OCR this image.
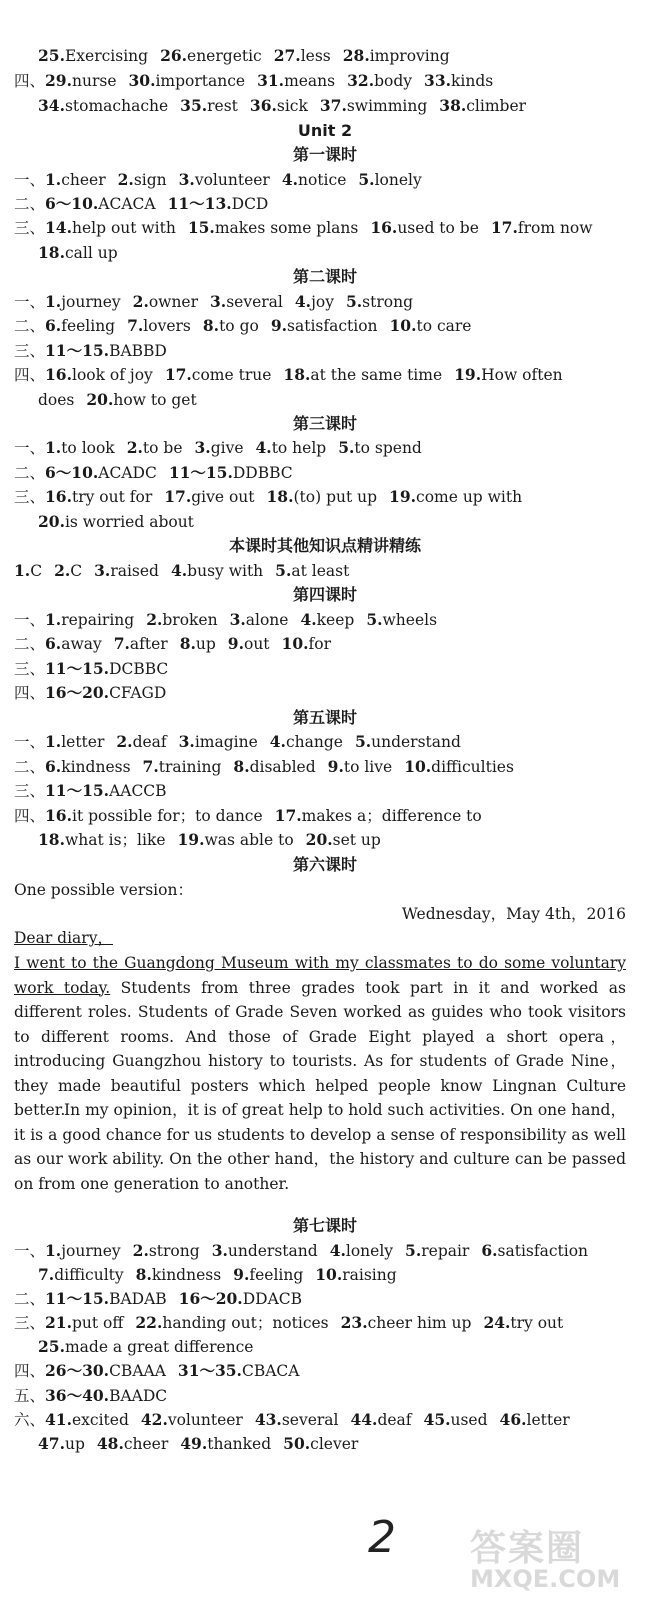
25.Exercising 26.energetic 27.less 28.improving
四、29.nurse 30.importance 31.means 32.body 33.kinds
34.stomachache 35.rest 36.sick 37.swimming 38.climber
Unit 2
第一课时
一、1.cheer 2.sign 3.volunteer 4.notice 5.lonely
二、6～10.ACACA 11～13.DCD
三、14.help out with 15.makes some plans 16.used to be 17.from now
18.call up
第二课时
一、1.journey 2.owner 3.several 4.joy 5.strong
二、6.feeling 7.lovers 8.to go 9.satisfaction 10.to care
三、11～15.BABBD
四、16.look of joy 17.come true 18.at the same time 19.How often
does 20.how to get
第三课时
一、1.to look 2.to be 3.give 4.to help 5.to spend
二、6～10.ACADC 11～15.DDBBC
三、16.try out for 17.give out 18.(to) put up 19.come up with
20.is worried about
本课时其他知识点精讲精练
1.C 2.C 3.raised 4.busy with 5.at least
第四课时
一、1.repairing 2.broken 3.alone 4.keep 5.wheels
二、6.away 7.after 8.up 9.out 10.for
三、11～15.DCBBC
四、16～20.CFAGD
第五课时
一、1.letter 2.deaf 3.imagine 4.change 5.understand
二、6.kindness 7.training 8.disabled 9.to live 10.difficulties
三、11～15.AACCB
四、16.it possible for；to dance 17.makes a；difference to
18.what is；like 19.was able to 20.set up
第六课时
One possible version：
Wednesday，May 4th，2016
Dear diary，
I went to the Guangdong Museum with my classmates to do some voluntary work today. Students from three grades took part in it and worked as different roles. Students of Grade Seven worked as guides who took visitors to different rooms. And those of Grade Eight played a short opera，introducing Guangzhou history to tourists. As for students of Grade Nine，they made beautiful posters which helped people know Lingnan Culture better.
In my opinion，it is of great help to hold such activities. On one hand，it is a good chance for us students to develop a sense of responsibility as well as our work ability. On the other hand，the history and culture can be passed on from one generation to another.
第七课时
一、1.journey 2.strong 3.understand 4.lonely 5.repair 6.satisfaction
7.difficulty 8.kindness 9.feeling 10.raising
二、11～15.BADAB 16～20.DDACB
三、21.put off 22.handing out；notices 23.cheer him up 24.try out
25.made a great difference
四、26～30.CBAAA 31～35.CBACA
五、36～40.BAADC
六、41.excited 42.volunteer 43.several 44.deaf 45.used 46.letter
47.up 48.cheer 49.thanked 50.clever
2 答案圈
MXQE.COM
